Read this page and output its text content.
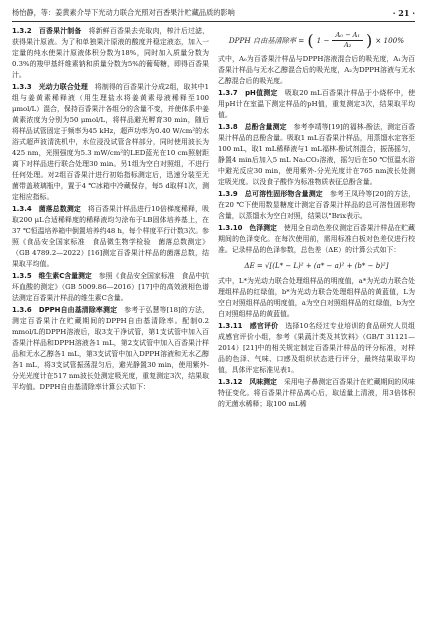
杨怡静，等：姜黄素介导下光动力联合光照对百香果汁贮藏品质的影响	· 21 ·

1.3.2　百香果汁制备　 将新鲜百香果去壳取肉，榨汁后过滤，获得果汁原液。为了和单独果汁原液的酸度并稳定液态，加入一定量的纯水使果汁原液体积分数为18%，同时加入质量分数为0.3%的羧甲基纤维素钠和质量分数为5%的葡萄糖，即得百香果汁。

1.3.3　光动力联合处理　 将制得的百香果汁分成2组，取其中1组与姜黄素稀释液（用生理盐水将姜黄素母液稀释至100 μmol/L）混合，保持百香果汁各组分的含量不变，并使体系中姜黄素浓度为分别为50 μmol/L，将样品避光孵育30 min，随后将样品试管固定于频率为45 kHz，超声功率为0.40 W/cm²的水浴式超声波清洗机中，水位浸没试管含样部分，同时使用波长为425 nm，光照强度为5.3 mW/cm²的LED蓝光在10 cm照射距离下对样品进行联合处理30 min。另1组为空白对照组，不进行任何处理。对2组百香果汁进行初始指标测定后，迅速分装至无菌带盖玻璃瓶中，置于4 ℃冰箱中冷藏保存，每5 d取样1次，测定相应指标。

1.3.4　菌落总数测定　 将百香果汁样品进行10倍梯度稀释，吸取200 μL合适稀释度的稀释液均匀涂布于LB固体培养基上，在37 ℃恒温培养箱中倒置培养约48 h，每个样度平行计数3次。参照《食品安全国家标准　食品微生物学检验　菌落总数测定》（GB 4789.2—2022）[16]测定百香果汁样品的菌落总数，结果取平均值。

1.3.5　维生素C含量测定　 参照《食品安全国家标准　食品中抗坏血酸的测定》（GB 5009.86—2016）[17]中的高效液相色谱法测定百香果汁样品的维生素C含量。

1.3.6　DPPH自由基清除率测定　 参考于弘慧等[18]的方法，测定百香果汁在贮藏期间的DPPH自由基清除率。配制0.2 mmol/L的DPPH溶液后，取3支干净试管，第1支试管中加入百香果汁样品和DPPH溶液各1 mL，第2支试管中加入百香果汁样品和无水乙醇各1 mL，第3支试管中加入DPPH溶液和无水乙醇各1 mL，将3支试管振荡混匀后，避光静置30 min，使用紫外-分光光度计在517 nm波长处测定吸光度，重复测定3次，结果取平均值。DPPH自由基清除率计算公式如下：

DPPH 自由基清除率 = ( $1 - \frac{\text{A₀ − A₁}}{\text{A₂}}$ ) × 100%

式中，A₀为百香果汁样品与DPPH溶液混合后的吸光度，A₁为百香果汁样品与无水乙醇混合后的吸光度，A₂为DPPH溶液与无水乙醇混合后的吸光度。

1.3.7　pH值测定　 吸取20 mL百香果汁样品于小烧杯中，使用pH计在室温下测定样品的pH值，重复测定3次，结果取平均值。

1.3.8　总酚含量测定　 参考李靖等[19]的福林-酚法，测定百香果汁样品的总酚含量。吸取1 mL百香果汁样品，用蒸馏水定容至100 mL，取1 mL稀释液与1 mL福林-酚试剂混合，振荡摇匀，静置4 min后加入5 mL Na₂CO₃溶液，摇匀后在50 ℃恒温水浴中避光反应30 min，使用紫外-分光光度计在765 nm波长处测定吸光度。以没食子酸作为标准物质表征总酚含量。

1.3.9　总可溶性固形物含量测定　 参考王凤玲等[20]的方法，在20 ℃下使用数显糖度计测定百香果汁样品的总可溶性固形物含量，以蒸馏水为空白对照，结果以°Brix表示。

1.3.10　色泽测定　 使用全自动色差仪测定百香果汁样品在贮藏期间的色泽变化。在每次使用前，需用标准白板对色差仪进行校准。记录样品的色泽参数，总色差（ΔE）的计算公式如下：

ΔE = √[(L* − L)² + (a* − a)² + (b* − b)²]

式中，L*为光动力联合处理组样品的明度值，a*为光动力联合处理组样品的红绿值，b*为光动力联合处理组样品的黄蓝值，L为空白对照组样品的明度值，a为空白对照组样品的红绿值，b为空白对照组样品的黄蓝值。

1.3.11　感官评价　 选择10名经过专业培训的食品研究人员组成感官评价小组，参考《果蔬汁类及其饮料》（GB/T 31121—2014）[21]中的相关规定制定百香果汁样品的评分标准，对样品的色泽、气味、口感及组织状态进行评分，最终结果取平均值，具体评定标准见表1。

1.3.12　风味测定　 采用电子鼻测定百香果汁在贮藏期间的风味特征变化。将百香果汁样品离心后，取适量上清液，用3倍体积的无菌水稀释；取100 mL稀
